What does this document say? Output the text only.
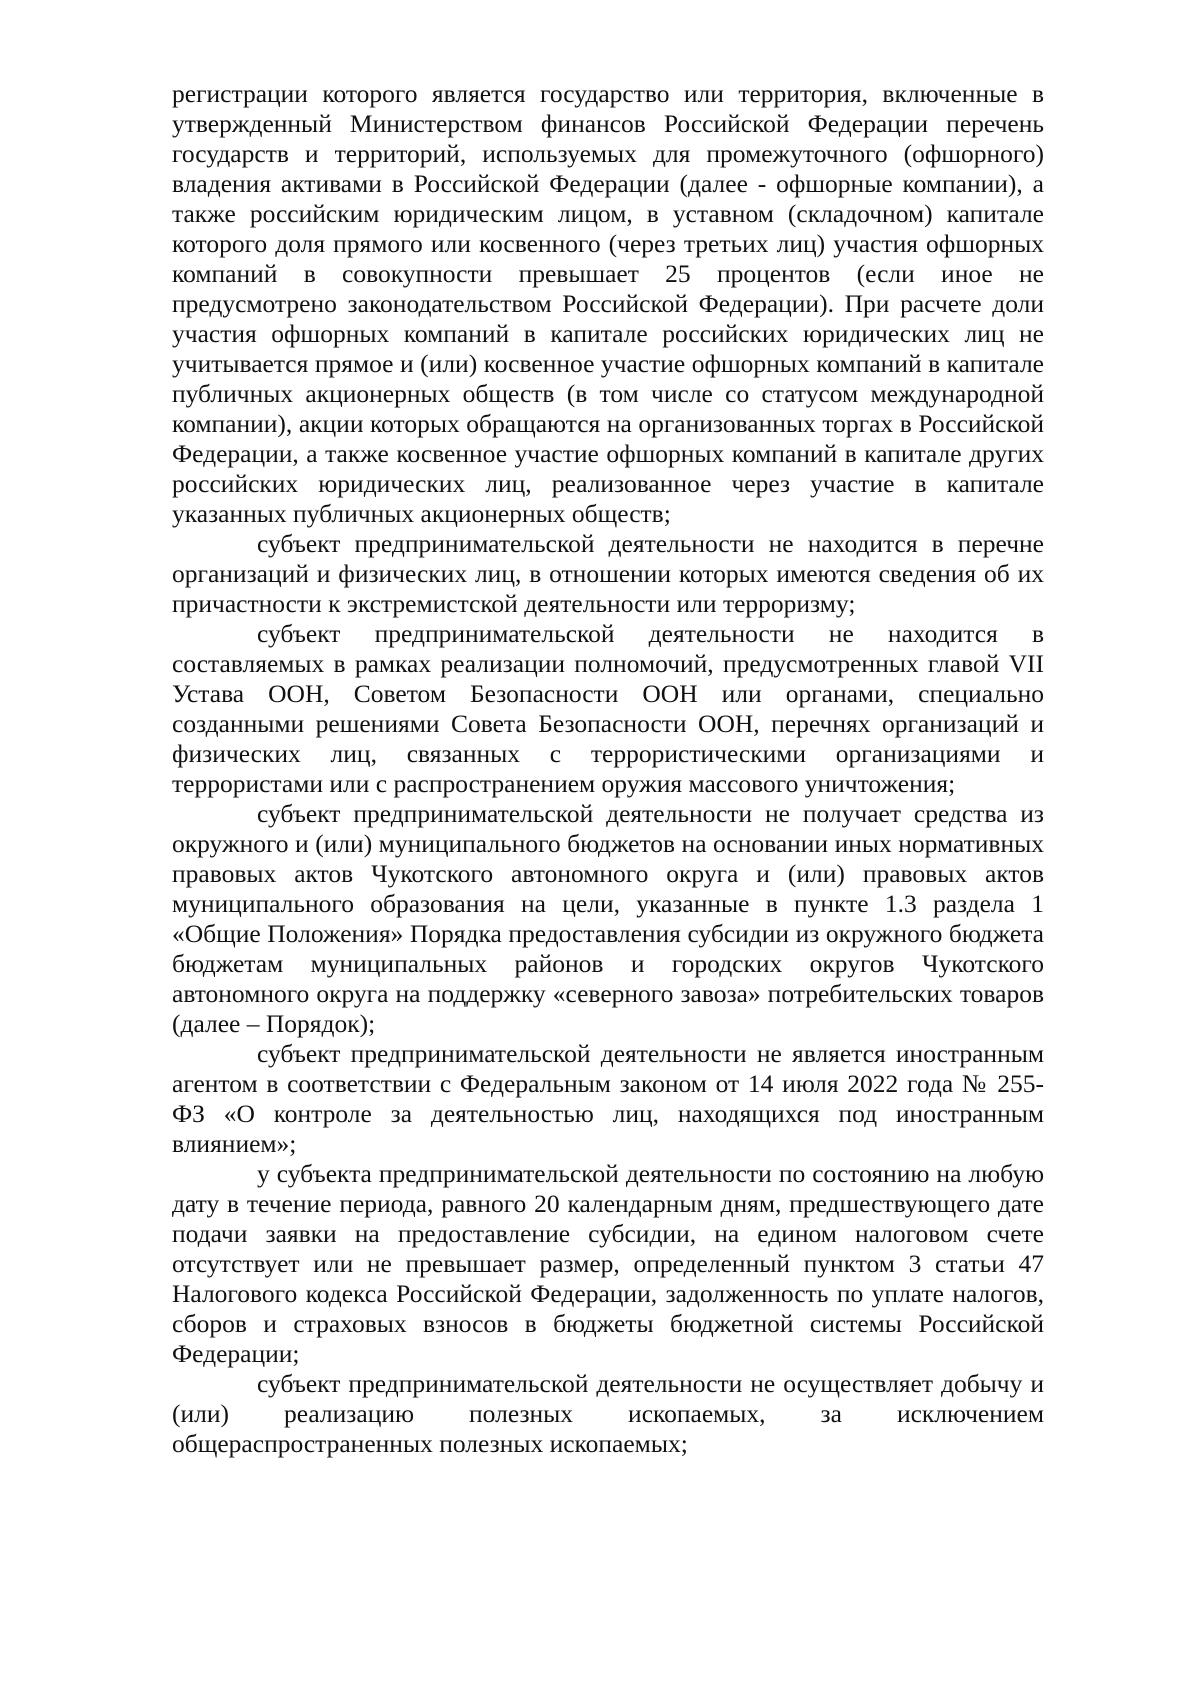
регистрации которого является государство или территория, включенные в утвержденный Министерством финансов Российской Федерации перечень государств и территорий, используемых для промежуточного (офшорного) владения активами в Российской Федерации (далее - офшорные компании), а также российским юридическим лицом, в уставном (складочном) капитале которого доля прямого или косвенного (через третьих лиц) участия офшорных компаний в совокупности превышает 25 процентов (если иное не предусмотрено законодательством Российской Федерации). При расчете доли участия офшорных компаний в капитале российских юридических лиц не учитывается прямое и (или) косвенное участие офшорных компаний в капитале публичных акционерных обществ (в том числе со статусом международной компании), акции которых обращаются на организованных торгах в Российской Федерации, а также косвенное участие офшорных компаний в капитале других российских юридических лиц, реализованное через участие в капитале указанных публичных акционерных обществ;

субъект предпринимательской деятельности не находится в перечне организаций и физических лиц, в отношении которых имеются сведения об их причастности к экстремистской деятельности или терроризму;

субъект предпринимательской деятельности не находится в составляемых в рамках реализации полномочий, предусмотренных главой VII Устава ООН, Советом Безопасности ООН или органами, специально созданными решениями Совета Безопасности ООН, перечнях организаций и физических лиц, связанных с террористическими организациями и террористами или с распространением оружия массового уничтожения;

субъект предпринимательской деятельности не получает средства из окружного и (или) муниципального бюджетов на основании иных нормативных правовых актов Чукотского автономного округа и (или) правовых актов муниципального образования на цели, указанные в пункте 1.3 раздела 1 «Общие Положения» Порядка предоставления субсидии из окружного бюджета бюджетам муниципальных районов и городских округов Чукотского автономного округа на поддержку «северного завоза» потребительских товаров (далее – Порядок);

субъект предпринимательской деятельности не является иностранным агентом в соответствии с Федеральным законом от 14 июля 2022 года № 255-ФЗ «О контроле за деятельностью лиц, находящихся под иностранным влиянием»;

у субъекта предпринимательской деятельности по состоянию на любую дату в течение периода, равного 20 календарным дням, предшествующего дате подачи заявки на предоставление субсидии, на едином налоговом счете отсутствует или не превышает размер, определенный пунктом 3 статьи 47 Налогового кодекса Российской Федерации, задолженность по уплате налогов, сборов и страховых взносов в бюджеты бюджетной системы Российской Федерации;

субъект предпринимательской деятельности не осуществляет добычу и (или) реализацию полезных ископаемых, за исключением общераспространенных полезных ископаемых;
